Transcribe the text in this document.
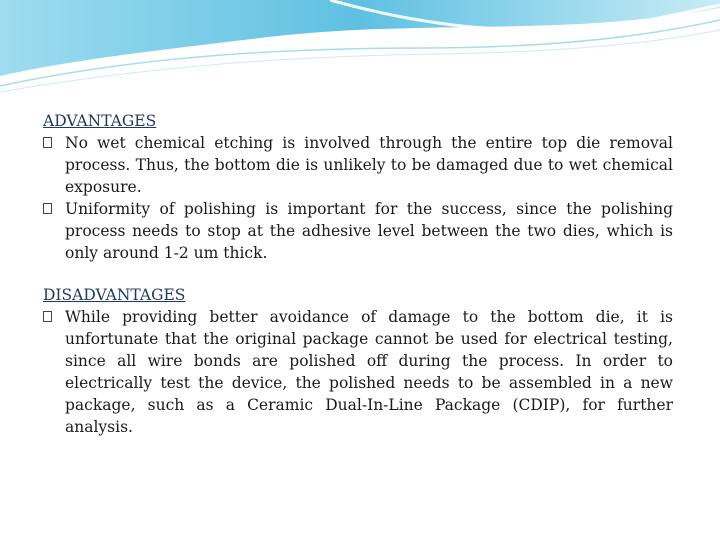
ADVANTAGES

No wet chemical etching is involved through the entire top die removal process. Thus, the bottom die is unlikely to be damaged due to wet chemical exposure.

Uniformity of polishing is important for the success, since the polishing process needs to stop at the adhesive level between the two dies, which is only around 1-2 um thick.

DISADVANTAGES

While providing better avoidance of damage to the bottom die, it is unfortunate that the original package cannot be used for electrical testing, since all wire bonds are polished off during the process. In order to electrically test the device, the polished needs to be assembled in a new package, such as a Ceramic Dual-In-Line Package (CDIP), for further analysis.
